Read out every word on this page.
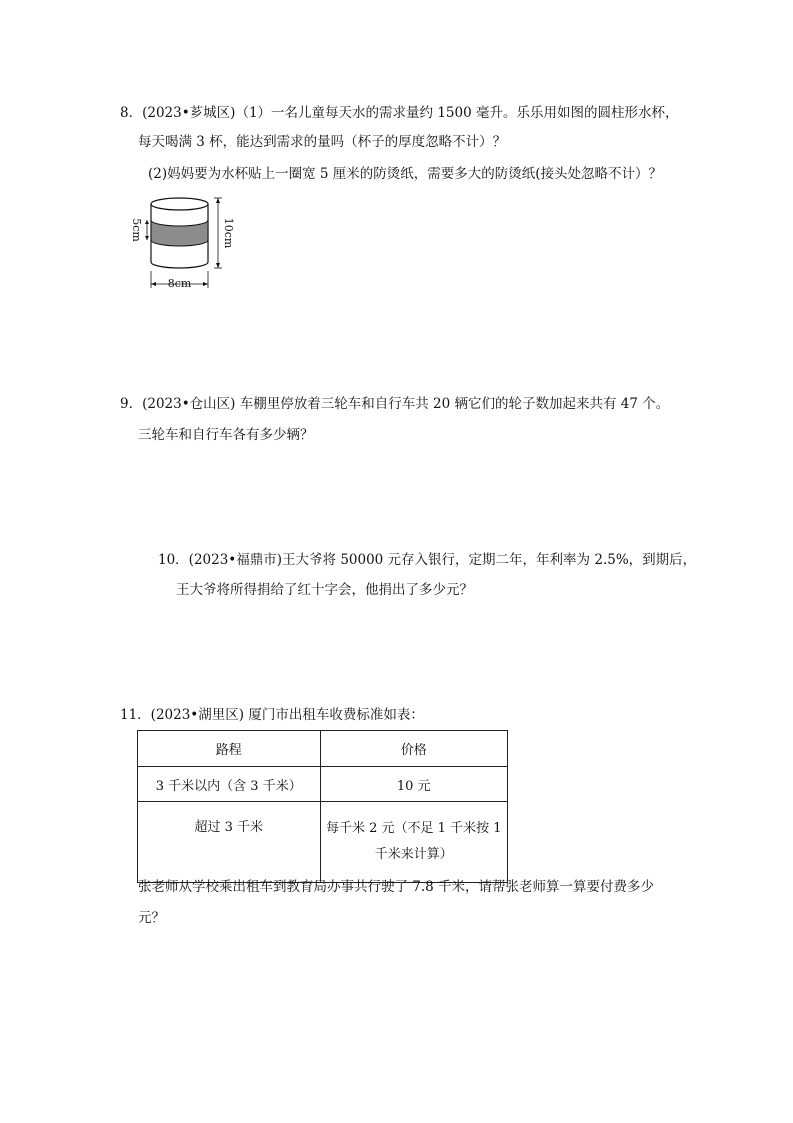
8．(2023•芗城区)（1）一名儿童每天水的需求量约 1500 毫升。乐乐用如图的圆柱形水杯，
每天喝满 3 杯，能达到需求的量吗（杯子的厚度忽略不计）？
(2)妈妈要为水杯贴上一圈宽 5 厘米的防烫纸，需要多大的防烫纸(接头处忽略不计）？
8cm
5cm	10cm
9．(2023•仓山区) 车棚里停放着三轮车和自行车共 20 辆它们的轮子数加起来共有 47 个。
三轮车和自行车各有多少辆？
10．(2023•福鼎市)王大爷将 50000 元存入银行，定期二年，年利率为 2.5%，到期后，
王大爷将所得捐给了红十字会，他捐出了多少元？
11．(2023•湖里区) 厦门市出租车收费标准如表：
路程	价格
3 千米以内（含 3 千米）	10 元
超过 3 千米	每千米 2 元（不足 1 千米按 1
千米来计算）
张老师从学校乘出租车到教育局办事共行驶了 7.8 千米，请帮张老师算一算要付费多少
元？
